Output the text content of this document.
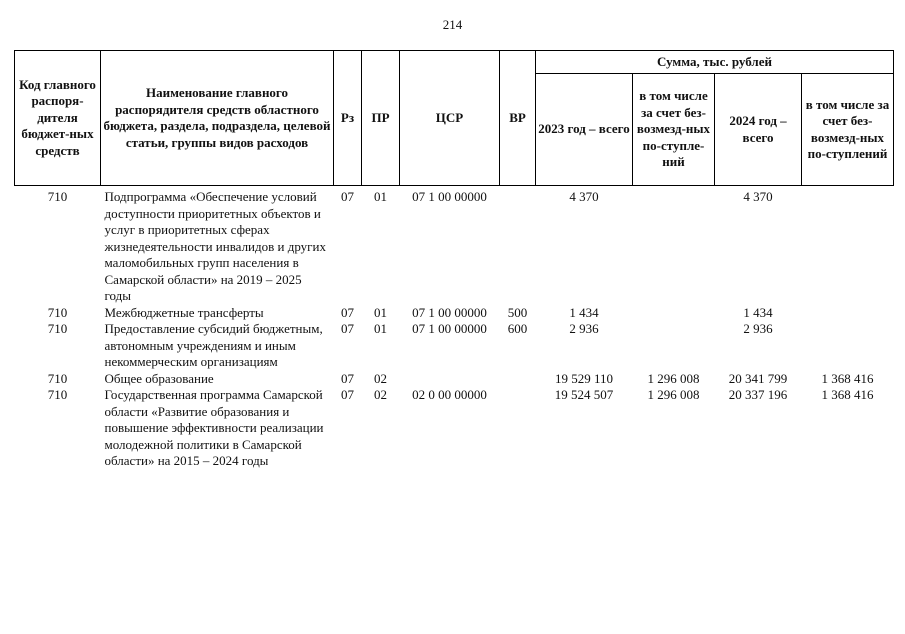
214
Код главного распоря-дителя бюджет-ных средств	Наименование главного распорядителя средств областного бюджета, раздела, подраздела, целевой статьи, группы видов расходов	Рз	ПР	ЦСР	ВР	Сумма, тыс. рублей			
						2023 год – всего	в том числе за счет без-возмезд-ных по-ступле-ний	2024 год – всего	в том числе за счет без-возмезд-ных по-ступлений

710	Подпрограмма «Обеспечение условий доступности приоритетных объектов и услуг в приоритетных сферах жизнедеятельности инвалидов и других маломобильных групп населения в Самарской области» на 2019 – 2025 годы	07	01	07 1 00 00000		4 370		4 370	
710	Межбюджетные трансферты	07	01	07 1 00 00000	500	1 434		1 434	
710	Предоставление субсидий бюджетным, автономным учреждениям и иным некоммерческим организациям	07	01	07 1 00 00000	600	2 936		2 936	
710	Общее образование	07	02			19 529 110	1 296 008	20 341 799	1 368 416
710	Государственная программа Самарской области «Развитие образования и повышение эффективности реализации молодежной политики в Самарской области» на 2015 – 2024 годы	07	02	02 0 00 00000		19 524 507	1 296 008	20 337 196	1 368 416
